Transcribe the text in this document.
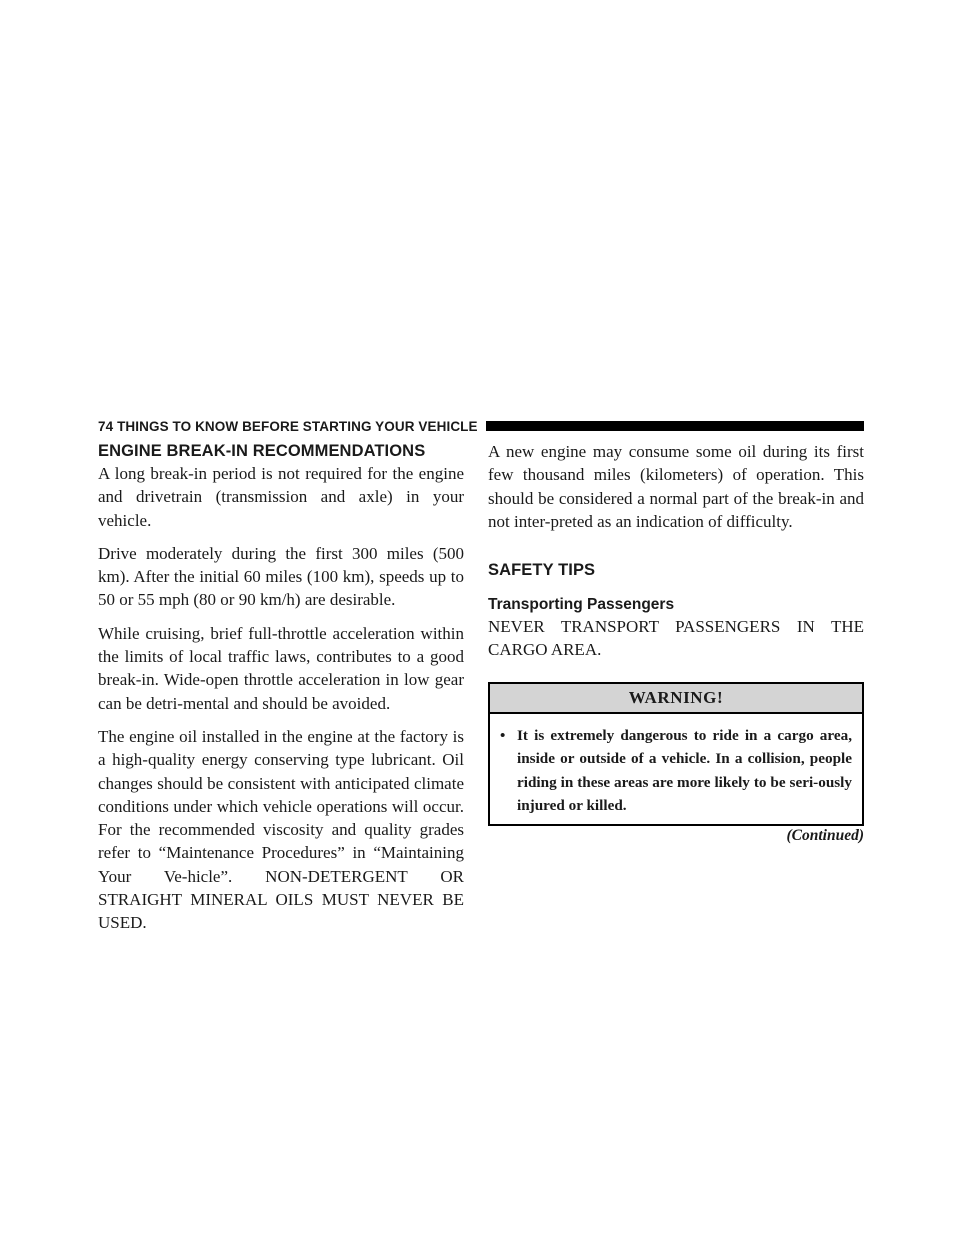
74 THINGS TO KNOW BEFORE STARTING YOUR VEHICLE
ENGINE BREAK-IN RECOMMENDATIONS

A long break-in period is not required for the engine and drivetrain (transmission and axle) in your vehicle.

Drive moderately during the first 300 miles (500 km). After the initial 60 miles (100 km), speeds up to 50 or 55 mph (80 or 90 km/h) are desirable.

While cruising, brief full-throttle acceleration within the limits of local traffic laws, contributes to a good break-in. Wide-open throttle acceleration in low gear can be detri-mental and should be avoided.

The engine oil installed in the engine at the factory is a high-quality energy conserving type lubricant. Oil changes should be consistent with anticipated climate conditions under which vehicle operations will occur. For the recommended viscosity and quality grades refer to “Maintenance Procedures” in “Maintaining Your Ve-hicle”. NON-DETERGENT OR STRAIGHT MINERAL OILS MUST NEVER BE USED.

A new engine may consume some oil during its first few thousand miles (kilometers) of operation. This should be considered a normal part of the break-in and not inter-preted as an indication of difficulty.

SAFETY TIPS
Transporting Passengers

NEVER TRANSPORT PASSENGERS IN THE CARGO AREA.

WARNING!
• It is extremely dangerous to ride in a cargo area, inside or outside of a vehicle. In a collision, people riding in these areas are more likely to be seri-ously injured or killed.
(Continued)
